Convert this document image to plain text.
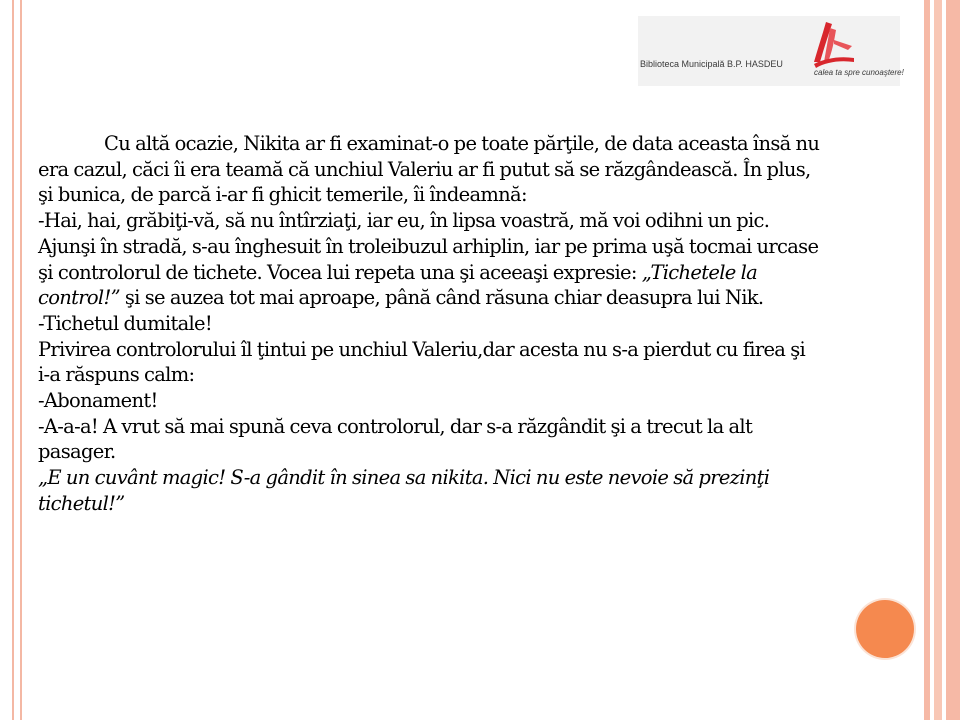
Biblioteca Municipală B.P. HASDEU
calea ta spre cunoaştere!
Cu altă ocazie, Nikita ar fi examinat-o pe toate părţile, de data aceasta însă nu
era cazul, căci îi era teamă că unchiul Valeriu ar fi putut să se răzgândească. În plus,
şi bunica, de parcă i-ar fi ghicit temerile, îi îndeamnă:
-Hai, hai, grăbiţi-vă, să nu întîrziaţi, iar eu, în lipsa voastră, mă voi odihni un pic.
Ajunşi în stradă, s-au înghesuit în troleibuzul arhiplin, iar pe prima uşă tocmai urcase
şi controlorul de tichete. Vocea lui repeta una şi aceeaşi expresie: „Tichetele la
control!” şi se auzea tot mai aproape, până când răsuna chiar deasupra lui Nik.
-Tichetul dumitale!
Privirea controlorului îl ţintui pe unchiul Valeriu,dar acesta nu s-a pierdut cu firea şi
i-a răspuns calm:
-Abonament!
-A-a-a! A vrut să mai spună ceva controlorul, dar s-a răzgândit şi a trecut la alt
pasager.
„E un cuvânt magic! S-a gândit în sinea sa nikita. Nici nu este nevoie să prezinţi
tichetul!”
